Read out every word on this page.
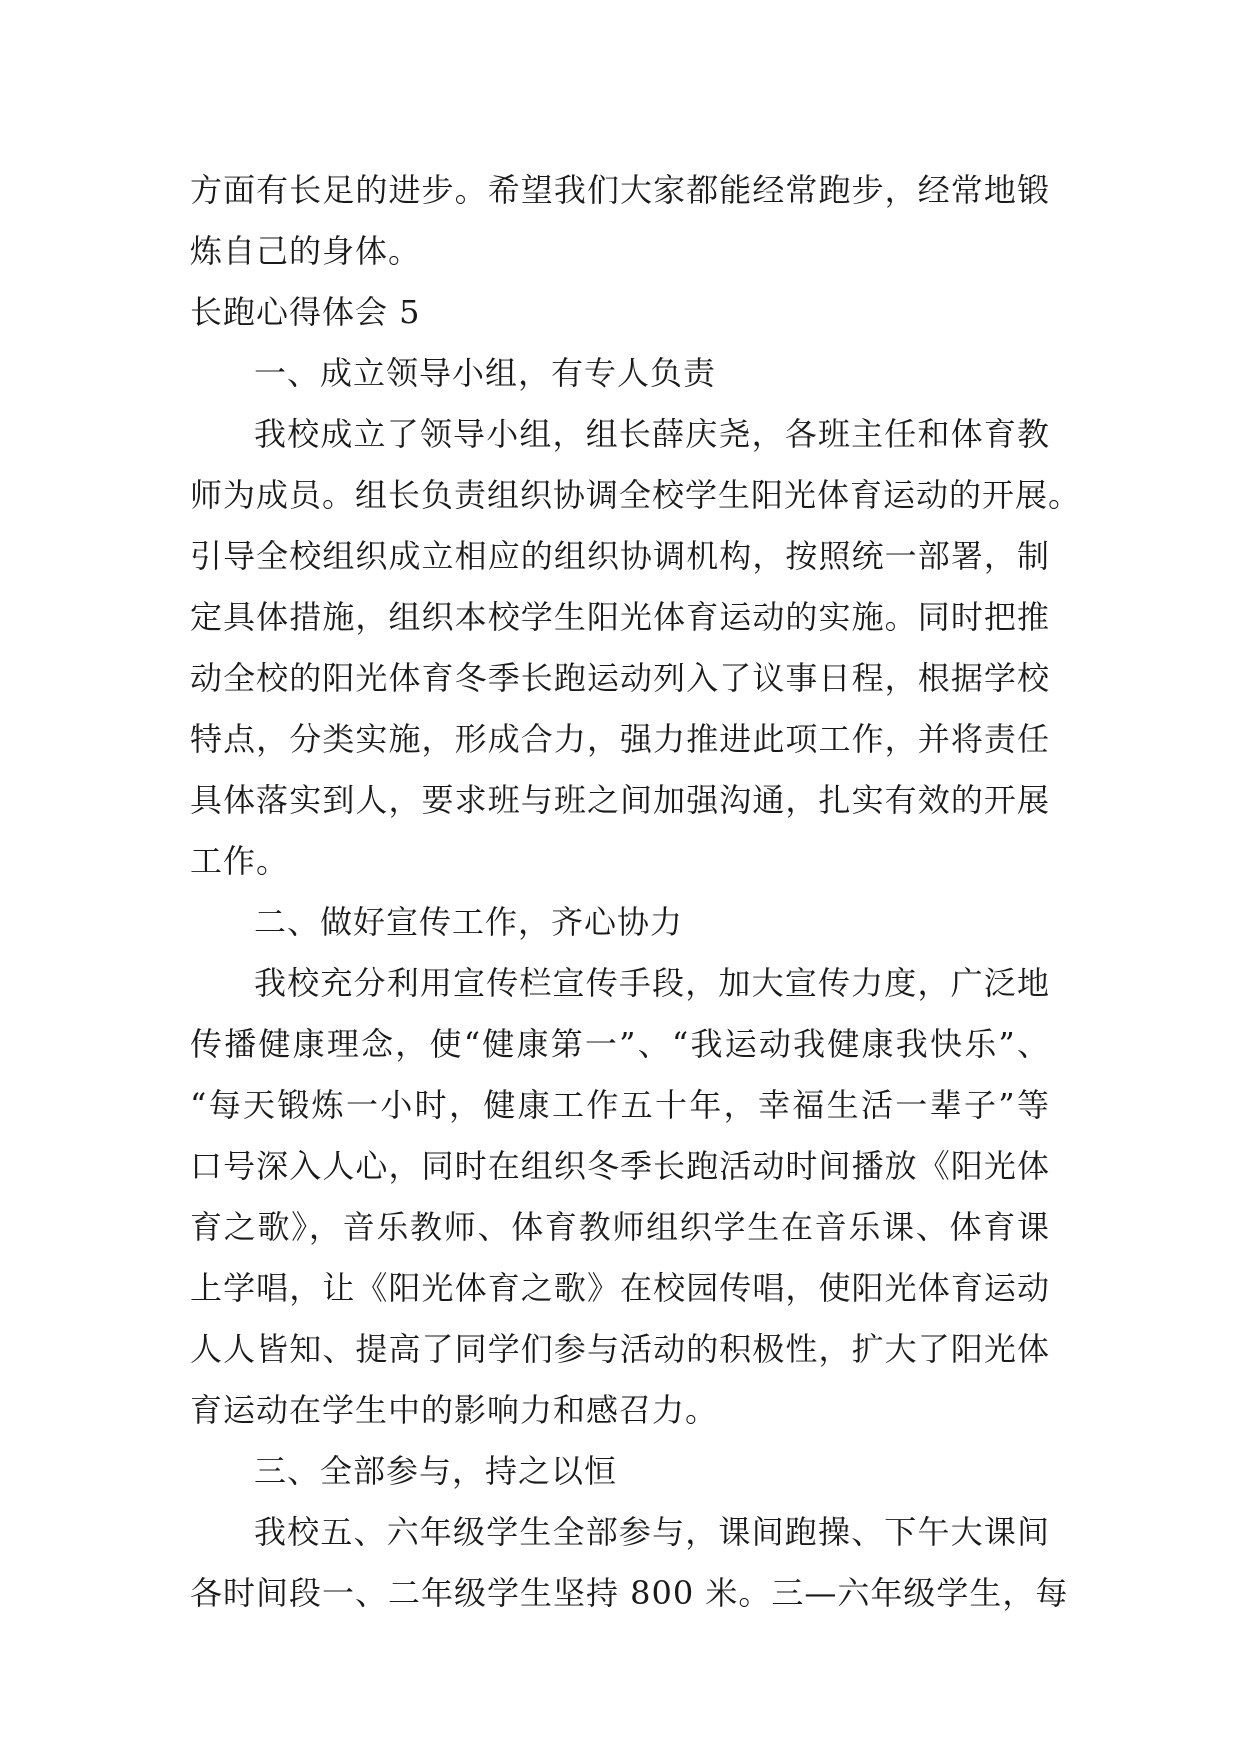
方面有长足的进步。希望我们大家都能经常跑步，经常地锻
炼自己的身体。
长跑心得体会 5
一、成立领导小组，有专人负责
我校成立了领导小组，组长薛庆尧，各班主任和体育教
师为成员。组长负责组织协调全校学生阳光体育运动的开展。
引导全校组织成立相应的组织协调机构，按照统一部署，制
定具体措施，组织本校学生阳光体育运动的实施。同时把推
动全校的阳光体育冬季长跑运动列入了议事日程，根据学校
特点，分类实施，形成合力，强力推进此项工作，并将责任
具体落实到人，要求班与班之间加强沟通，扎实有效的开展
工作。
二、做好宣传工作，齐心协力
我校充分利用宣传栏宣传手段，加大宣传力度，广泛地
传播健康理念，使“健康第一”、“我运动我健康我快乐”、
“每天锻炼一小时，健康工作五十年，幸福生活一辈子”等
口号深入人心，同时在组织冬季长跑活动时间播放《阳光体
育之歌》，音乐教师、体育教师组织学生在音乐课、体育课
上学唱，让《阳光体育之歌》在校园传唱，使阳光体育运动
人人皆知、提高了同学们参与活动的积极性，扩大了阳光体
育运动在学生中的影响力和感召力。
三、全部参与，持之以恒
我校五、六年级学生全部参与，课间跑操、下午大课间
各时间段一、二年级学生坚持 800 米。三—六年级学生，每
